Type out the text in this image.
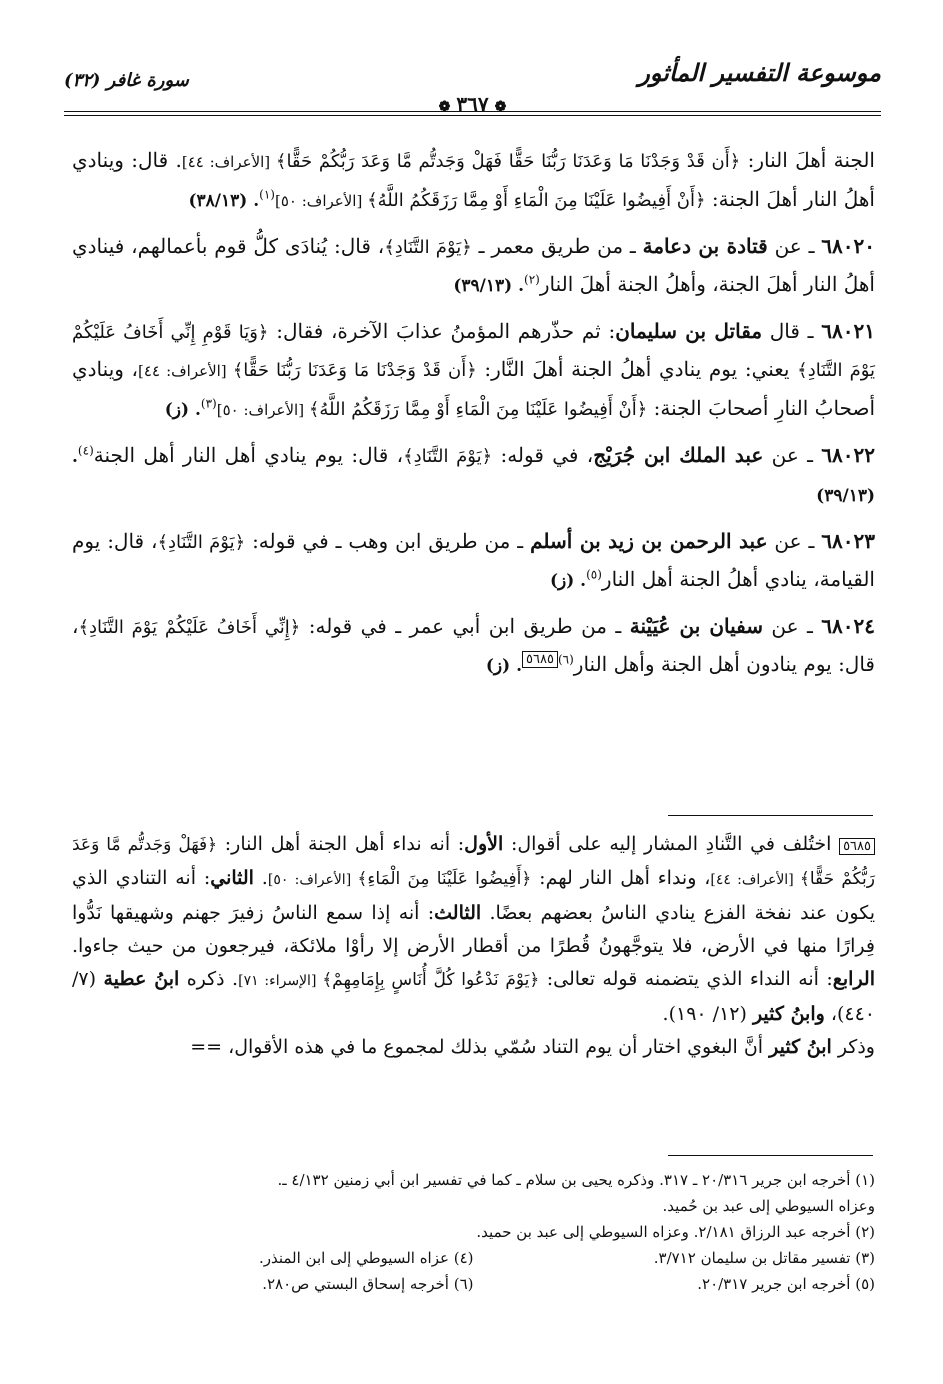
موسوعة التفسير المأثور
سورة غافر (٣٢)
❁ ٣٦٧ ❁

الجنة أهلَ النار: ﴿أَن قَدْ وَجَدْنَا مَا وَعَدَنَا رَبُّنَا حَقًّا فَهَلْ وَجَدتُّم مَّا وَعَدَ رَبُّكُمْ حَقًّا﴾ [الأعراف: ٤٤]. قال: وينادي أهلُ النار أهلَ الجنة: ﴿أَنْ أَفِيضُوا عَلَيْنَا مِنَ الْمَاءِ أَوْ مِمَّا رَزَقَكُمُ اللَّهُ﴾ [الأعراف: ٥٠]$^{(١)}$. (٣٨/١٣)

٦٨٠٢٠ ـ عن قتادة بن دعامة ـ من طريق معمر ـ ﴿يَوْمَ التَّنَادِ﴾، قال: يُنادَى كلُّ قوم بأعمالهم، فينادي أهلُ النار أهلَ الجنة، وأهلُ الجنة أهلَ النار$^{(٢)}$. (٣٩/١٣)

٦٨٠٢١ ـ قال مقاتل بن سليمان: ثم حذّرهم المؤمنُ عذابَ الآخرة، فقال: ﴿وَيَا قَوْمِ إِنِّي أَخَافُ عَلَيْكُمْ يَوْمَ التَّنَادِ﴾ يعني: يوم ينادي أهلُ الجنة أهلَ النَّار: ﴿أَن قَدْ وَجَدْنَا مَا وَعَدَنَا رَبُّنَا حَقًّا﴾ [الأعراف: ٤٤]، وينادي أصحابُ النارِ أصحابَ الجنة: ﴿أَنْ أَفِيضُوا عَلَيْنَا مِنَ الْمَاءِ أَوْ مِمَّا رَزَقَكُمُ اللَّهُ﴾ [الأعراف: ٥٠]$^{(٣)}$. (ز)

٦٨٠٢٢ ـ عن عبد الملك ابن جُرَيْج، في قوله: ﴿يَوْمَ التَّنَادِ﴾، قال: يوم ينادي أهل النار أهل الجنة$^{(٤)}$. (٣٩/١٣)

٦٨٠٢٣ ـ عن عبد الرحمن بن زيد بن أسلم ـ من طريق ابن وهب ـ في قوله: ﴿يَوْمَ التَّنَادِ﴾، قال: يوم القيامة، ينادي أهلُ الجنة أهل النار$^{(٥)}$. (ز)

٦٨٠٢٤ ـ عن سفيان بن عُيَيْنة ـ من طريق ابن أبي عمر ـ في قوله: ﴿إِنِّي أَخَافُ عَلَيْكُمْ يَوْمَ التَّنَادِ﴾، قال: يوم ينادون أهل الجنة وأهل النار$^{(٦)}$٥٦٨٥. (ز)

٥٦٨٥ اختُلف في التَّنادِ المشار إليه على أقوال: الأول: أنه نداء أهل الجنة أهل النار: ﴿فَهَلْ وَجَدتُّم مَّا وَعَدَ رَبُّكُمْ حَقًّا﴾ [الأعراف: ٤٤]، ونداء أهل النار لهم: ﴿أَفِيضُوا عَلَيْنَا مِنَ الْمَاءِ﴾ [الأعراف: ٥٠]. الثاني: أنه التنادي الذي يكون عند نفخة الفزع ينادي الناسُ بعضهم بعضًا. الثالث: أنه إذا سمع الناسُ زفيرَ جهنم وشهيقها نَدُّوا فِرارًا منها في الأرض، فلا يتوجَّهونُ قُطرًا من أقطار الأرض إلا رأوْا ملائكة، فيرجعون من حيث جاءوا. الرابع: أنه النداء الذي يتضمنه قوله تعالى: ﴿يَوْمَ نَدْعُوا كُلَّ أُنَاسٍ بِإِمَامِهِمْ﴾ [الإسراء: ٧١]. ذكره ابنُ عطية (٧/ ٤٤٠)، وابنُ كثير (١٢/ ١٩٠).
وذكر ابنُ كثير أنَّ البغوي اختار أن يوم التناد سُمّي بذلك لمجموع ما في هذه الأقوال، ==

(١) أخرجه ابن جرير ٢٠/٣١٦ ـ ٣١٧. وذكره يحيى بن سلام ـ كما في تفسير ابن أبي زمنين ٤/١٣٢ ـ.

وعزاه السيوطي إلى عبد بن حُميد.

(٢) أخرجه عبد الرزاق ٢/١٨١. وعزاه السيوطي إلى عبد بن حميد.

(٣) تفسير مقاتل بن سليمان ٣/٧١٢.
(٤) عزاه السيوطي إلى ابن المنذر.
(٥) أخرجه ابن جرير ٢٠/٣١٧.
(٦) أخرجه إسحاق البستي ص٢٨٠.
